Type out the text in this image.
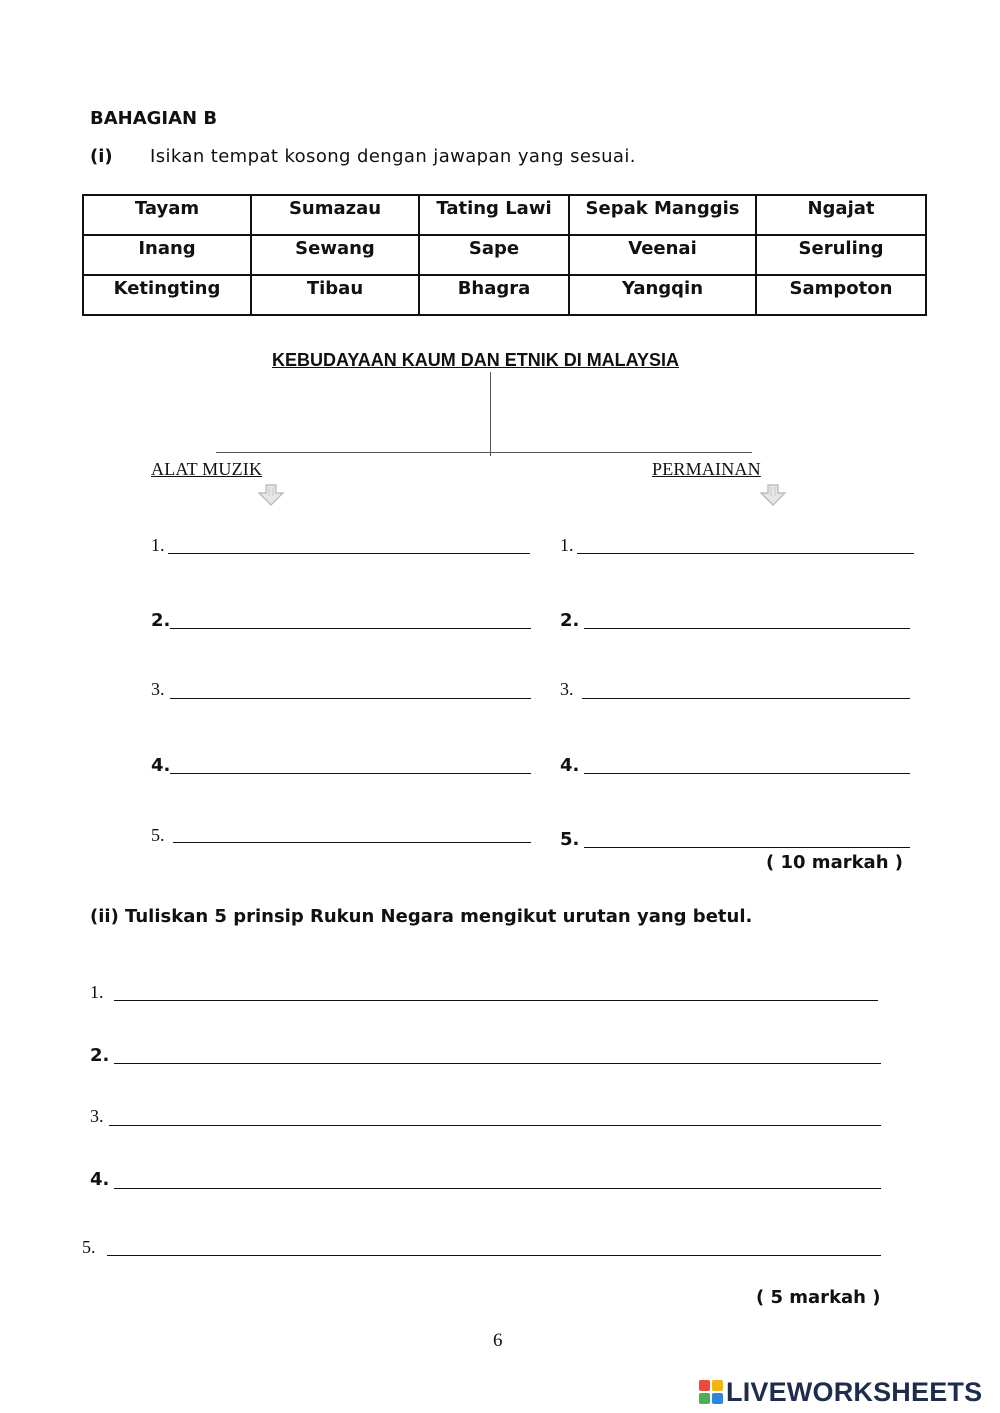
BAHAGIAN B
(i) Isikan tempat kosong dengan jawapan yang sesuai.
Tayam	Sumazau	Tating Lawi	Sepak Manggis	Ngajat
Inang	Sewang	Sape	Veenai	Seruling
Ketingting	Tibau	Bhagra	Yangqin	Sampoton
KEBUDAYAAN KAUM DAN ETNIK DI MALAYSIA
ALAT MUZIK	PERMAINAN
1.
2.
3.
4.
5.
1.
2.
3.
4.
5.
( 10 markah )
(ii) Tuliskan 5 prinsip Rukun Negara mengikut urutan yang betul.
1.
2.
3.
4.
5.
( 5 markah )
6
LIVEWORKSHEETS
